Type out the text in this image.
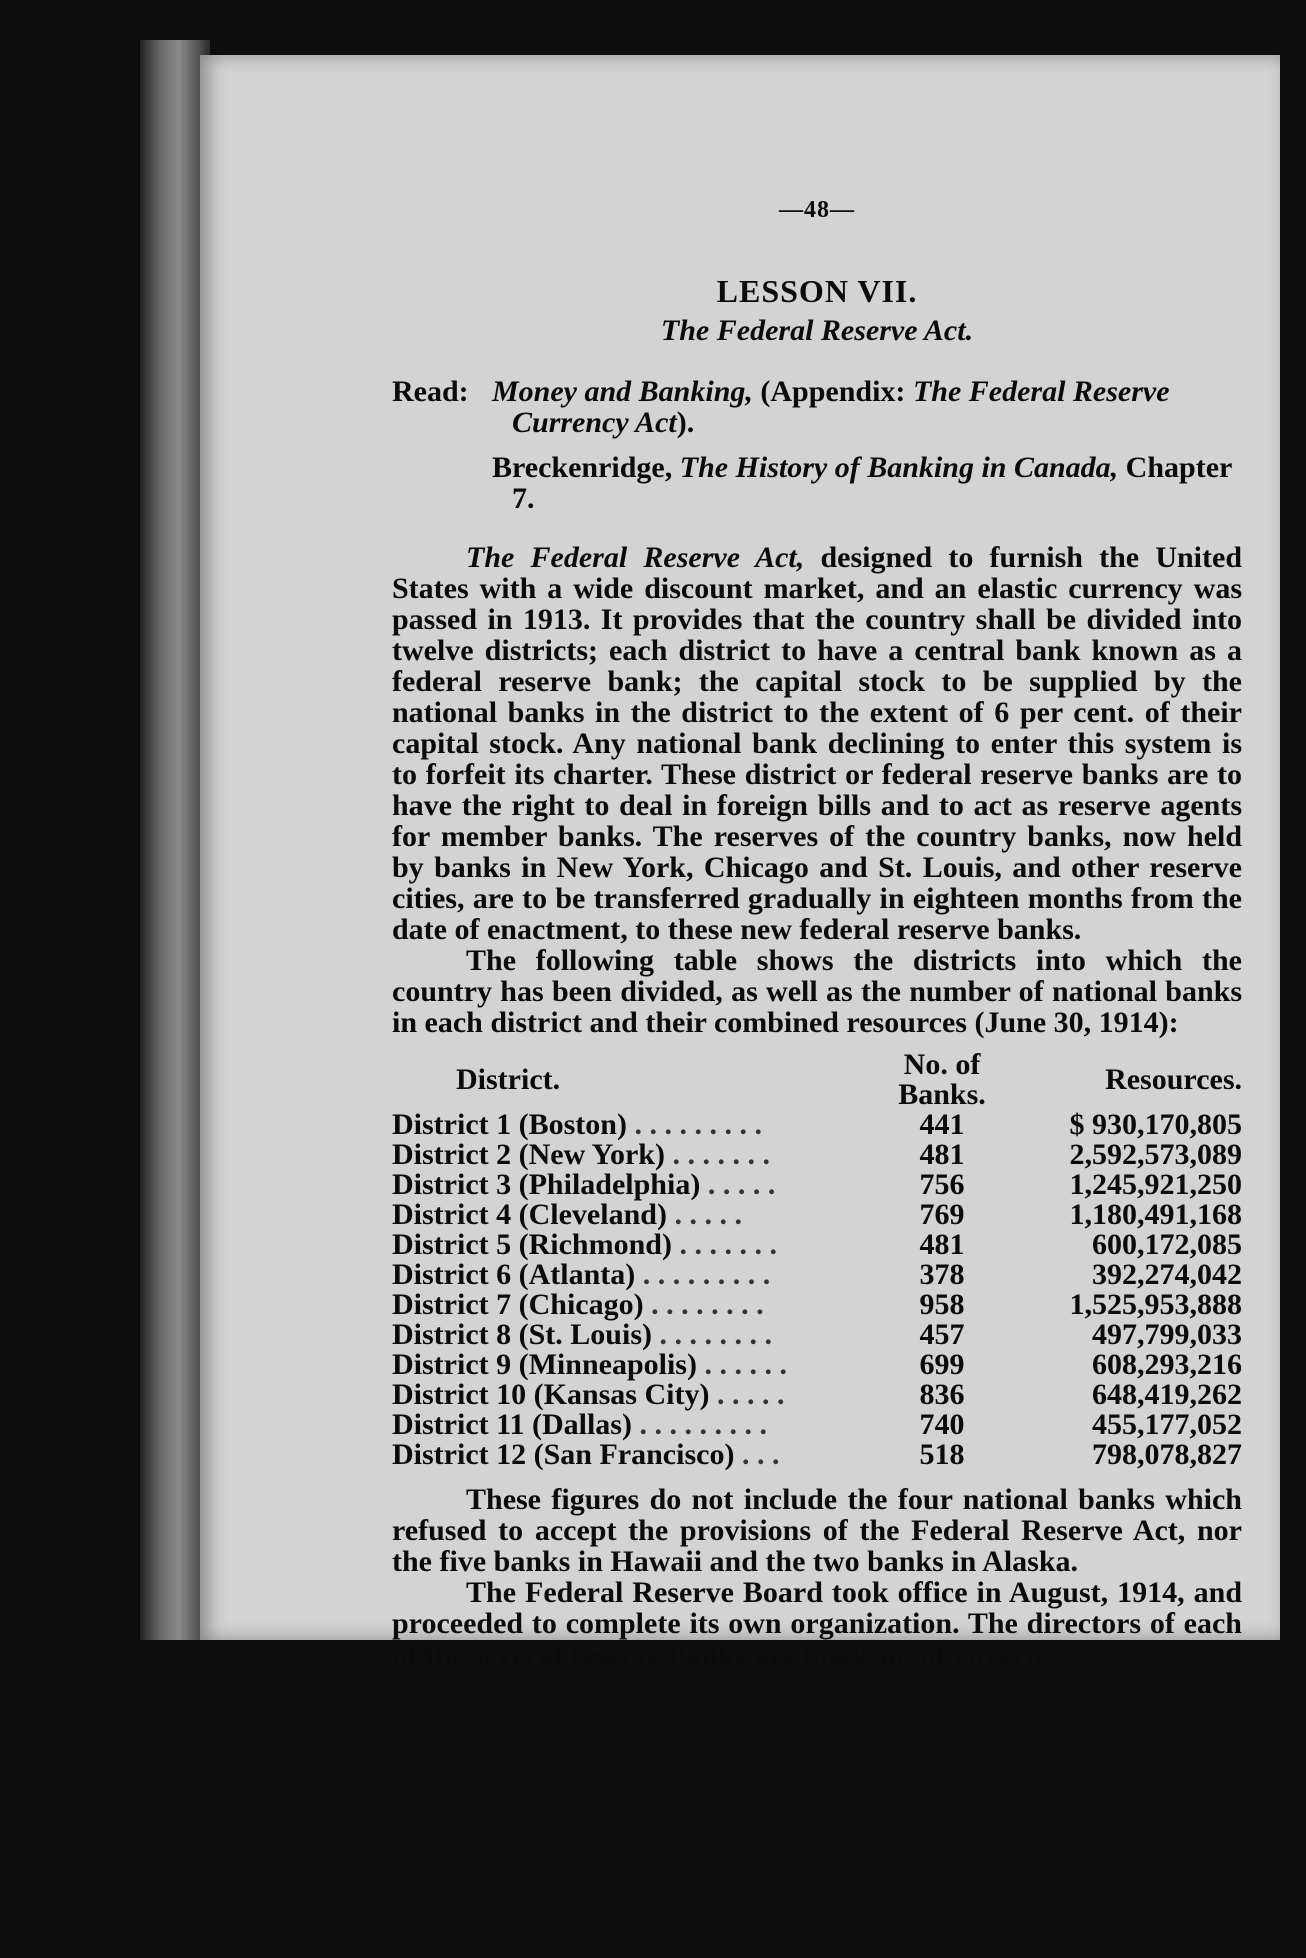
—48—
LESSON VII.
The Federal Reserve Act.
Read: Money and Banking, (Appendix: The Federal Reserve Currency Act).
Breckenridge, The History of Banking in Canada, Chapter 7.

The Federal Reserve Act, designed to furnish the United States with a wide discount market, and an elastic currency was passed in 1913. It provides that the country shall be divided into twelve districts; each district to have a central bank known as a federal reserve bank; the capital stock to be supplied by the national banks in the district to the extent of 6 per cent. of their capital stock. Any national bank declining to enter this system is to forfeit its charter. These district or federal reserve banks are to have the right to deal in foreign bills and to act as reserve agents for member banks. The reserves of the country banks, now held by banks in New York, Chicago and St. Louis, and other reserve cities, are to be transferred gradually in eighteen months from the date of enactment, to these new federal reserve banks.

The following table shows the districts into which the country has been divided, as well as the number of national banks in each district and their combined resources (June 30, 1914):

District.	No. of Banks.	Resources.
District 1 (Boston) . . . . . . . . .	441	$ 930,170,805
District 2 (New York) . . . . . . .	481	2,592,573,089
District 3 (Philadelphia) . . . . .	756	1,245,921,250
District 4 (Cleveland) . . . . .	769	1,180,491,168
District 5 (Richmond) . . . . . . .	481	600,172,085
District 6 (Atlanta) . . . . . . . . .	378	392,274,042
District 7 (Chicago) . . . . . . . .	958	1,525,953,888
District 8 (St. Louis) . . . . . . . .	457	497,799,033
District 9 (Minneapolis) . . . . . .	699	608,293,216
District 10 (Kansas City) . . . . .	836	648,419,262
District 11 (Dallas) . . . . . . . . .	740	455,177,052
District 12 (San Francisco) . . .	518	798,078,827

These figures do not include the four national banks which refused to accept the provisions of the Federal Reserve Act, nor the five banks in Hawaii and the two banks in Alaska.

The Federal Reserve Board took office in August, 1914, and proceeded to complete its own organization. The directors of each of the several reserve banks are made up of govern-
